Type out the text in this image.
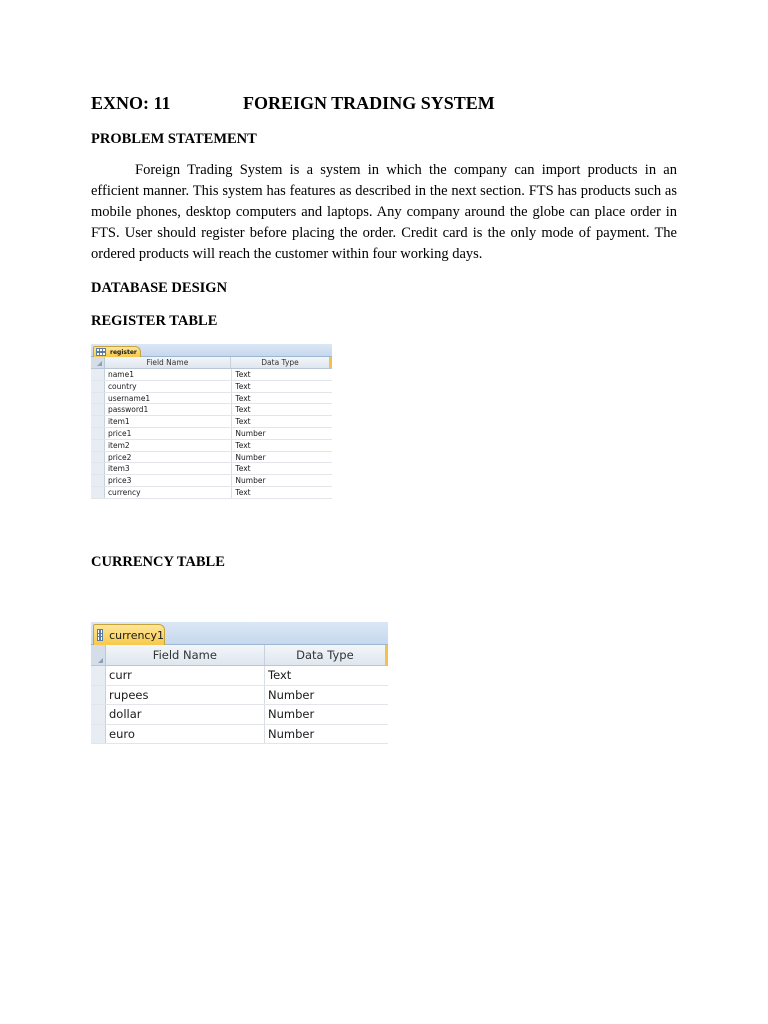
EXNO: 11	FOREIGN TRADING SYSTEM
PROBLEM STATEMENT
Foreign Trading System is a system in which the company can import products in an efficient manner. This system has features as described in the next section. FTS has products such as mobile phones, desktop computers and laptops. Any company around the globe can place order in FTS. User should register before placing the order. Credit card is the only mode of payment. The ordered products will reach the customer within four working days.
DATABASE DESIGN
REGISTER TABLE
register
Field Name	Data Type
name1	Text
country	Text
username1	Text
password1	Text
item1	Text
price1	Number
item2	Text
price2	Number
item3	Text
price3	Number
currency	Text
CURRENCY TABLE
currency1
Field Name	Data Type
curr	Text
rupees	Number
dollar	Number
euro	Number
